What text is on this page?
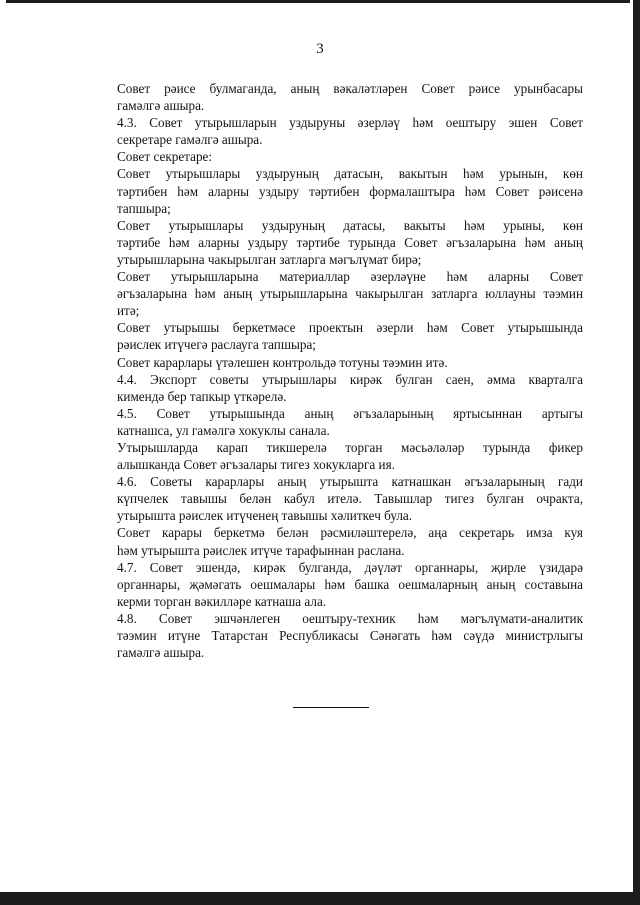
3

Совет рәисе булмаганда, аның вәкаләтләрен Совет рәисе урынбасары
гамәлгә ашыра.

4.3. Совет утырышларын уздыруны әзерләү һәм оештыру эшен Совет
секретаре гамәлгә ашыра.

Совет секретаре:

Совет утырышлары уздыруның датасын, вакытын һәм урынын, көн
тәртибен һәм аларны уздыру тәртибен формалаштыра һәм Совет рәисенә
тапшыра;

Совет утырышлары уздыруның датасы, вакыты һәм урыны, көн
тәртибе һәм аларны уздыру тәртибе турында Совет әгъзаларына һәм аның
утырышларына чакырылган затларга мәгълүмат бирә;

Совет утырышларына материаллар әзерләүне һәм аларны Совет
әгъзаларына һәм аның утырышларына чакырылган затларга юллауны тәэмин
итә;

Совет утырышы беркетмәсе проектын әзерли һәм Совет утырышында
рәислек итүчегә раслауга тапшыра;

Совет карарлары үтәлешен контрольдә тотуны тәэмин итә.

4.4. Экспорт советы утырышлары кирәк булган саен, әмма кварталга
кимендә бер тапкыр үткәрелә.

4.5. Совет утырышында аның әгъзаларының яртысыннан артыгы
катнашса, ул гамәлгә хокуклы санала.

Утырышларда карап тикшерелә торган мәсьәләләр турында фикер
алышканда Совет әгъзалары тигез хокукларга ия.

4.6. Советы карарлары аның утырышта катнашкан әгъзаларының гади
күпчелек тавышы белән кабул ителә. Тавышлар тигез булган очракта,
утырышта рәислек итүченең тавышы хәлиткеч була.

Совет карары беркетмә белән рәсмиләштерелә, аңа секретарь имза куя
һәм утырышта рәислек итүче тарафыннан раслана.

4.7. Совет эшендә, кирәк булганда, дәүләт органнары, җирле үзидарә
органнары, җәмәгать оешмалары һәм башка оешмаларның аның составына
керми торган вәкилләре катнаша ала.

4.8. Совет эшчәнлеген оештыру-техник һәм мәгълүмати-аналитик
тәэмин итүне Татарстан Республикасы Сәнәгать һәм сәүдә министрлыгы
гамәлгә ашыра.
